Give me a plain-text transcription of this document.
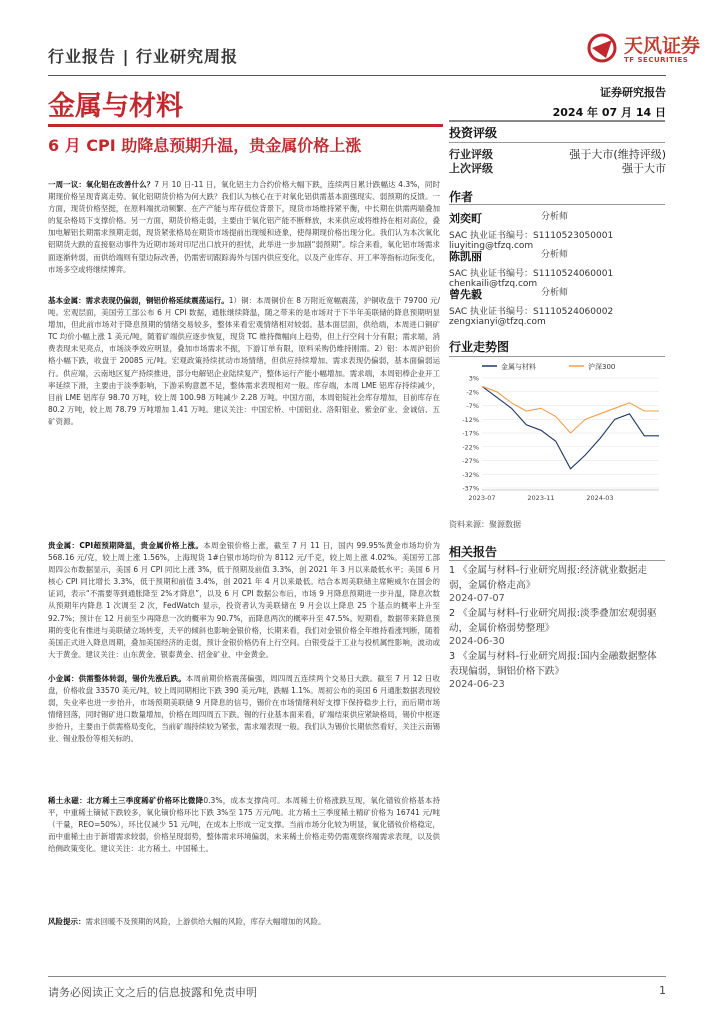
行业报告 | 行业研究周报	天风证券
TF SECURITIES
金属与材料	证券研究报告
2024 年 07 月 14 日
6 月 CPI 助降息预期升温，贵金属价格上涨
投资评级
行业评级	强于大市(维持评级)
上次评级	强于大市
作者
刘奕町	分析师
SAC 执业证书编号：S1110523050001
liuyiting@tfzq.com
陈凯丽	分析师
SAC 执业证书编号：S1110524060001
chenkaili@tfzq.com
曾先毅	分析师
SAC 执业证书编号：S1110524060002
zengxianyi@tfzq.com
行业走势图
3%
-2%
-7%
-12%
-17%
-22%
-27%
-32%
-37%
2023-07	2023-11	2024-03
金属与材料	沪深300
资料来源：聚源数据
相关报告
1 《金属与材料-行业研究周报:经济就业数据走弱，金属价格走高》
2024-07-07
2 《金属与材料-行业研究周报:淡季叠加宏观弱驱动，金属价格弱势整理》
2024-06-30
3 《金属与材料-行业研究周报:国内金融数据整体表现偏弱，铜铝价格下跌》
2024-06-23
一周一议：氧化铝在改善什么？7 月 10 日-11 日，氧化铝主力合约价格大幅下跌，连续两日累计跌幅达 4.3%，同时期现价格呈现背离走势。氧化铝期货价格为何大跌？我们认为核心在于对氧化铝供需基本面强现实、弱预期的反馈。一方面，现货价格坚挺，在原料端扰动频繁、在产产能与库存低位背景下，现货市场维持紧平衡，中长期在供需两端叠加的复杂格局下支撑价格。另一方面，期货价格走弱，主要由于氧化铝产能不断释放，未来供应或将维持在相对高位，叠加电解铝长期需求预期走弱，现货紧张格局在期货市场提前出现缓和迹象，使得期现价格出现分化。我们认为本次氧化铝期货大跌的直接驱动事件为近期市场对印尼出口放开的担忧，此举进一步加剧“弱预期”。综合来看，氧化铝市场需求面逐渐转弱，而供给端则有望边际改善，仍需密切跟踪海外与国内供应变化，以及产业库存、开工率等指标边际变化，市场多空或将继续博弈。
基本金属：需求表现仍偏弱，铜铝价格延续震荡运行。1）铜：本周铜价在 8 万附近宽幅震荡，沪铜收盘于 79700 元/吨。宏观层面，美国劳工部公布 6 月 CPI 数据，通胀继续降温，随之带来的是市场对于下半年美联储的降息预期明显增加，但此前市场对于降息预期的情绪交易较多，整体来看宏观情绪相对较弱。基本面层面，供给端，本周进口铜矿 TC 均价小幅上涨 1 美元/吨，随着矿端供应逐步恢复，现货 TC 维持微幅向上趋势，但上行空间十分有限；需求端，消费表现未见亮点，市场淡季效应明显，叠加市场需求不振，下游订单有限，原料采购仍维持刚需。2）铝：本周沪铝价格小幅下跌，收盘于 20085 元/吨。宏观政策持续扰动市场情绪，但供应持续增加、需求表现仍偏弱，基本面偏弱运行。供应端，云南地区复产持续推进，部分电解铝企业陆续复产，整体运行产能小幅增加。需求端，本周铝棒企业开工率延续下滑，主要由于淡季影响，下游采购意愿不足，整体需求表现相对一般。库存端，本周 LME 铝库存持续减少，目前 LME 铝库存 98.70 万吨，较上周 100.98 万吨减少 2.28 万吨。中国方面，本周铝锭社会库存增加，目前库存在 80.2 万吨，较上周 78.79 万吨增加 1.41 万吨。建议关注：中国宏桥、中国铝业、洛阳钼业、紫金矿业、金诚信、五矿资源。
贵金属：CPI超预期降温，贵金属价格上涨。本周金银价格上涨，截至 7 月 11 日，国内 99.95%黄金市场均价为 568.16 元/克，较上周上涨 1.56%，上海现货 1#白银市场均价为 8112 元/千克，较上周上涨 4.02%。美国劳工部周四公布数据显示，美国 6 月 CPI 同比上涨 3%，低于预期及前值 3.3%，创 2021 年 3 月以来最低水平；美国 6 月核心 CPI 同比增长 3.3%，低于预期和前值 3.4%，创 2021 年 4 月以来最低。结合本周美联储主席鲍威尔在国会的证词，表示“不需要等到通胀降至 2%才降息”，以及 6 月 CPI 数据公布后，市场 9 月降息预期进一步升温，降息次数从预期年内降息 1 次调至 2 次，FedWatch 显示，投资者认为美联储在 9 月会以上降息 25 个基点的概率上升至 92.7%；预计在 12 月前至少再降息一次的概率为 90.7%，而降息两次的概率升至 47.5%。短期看，数据带来降息预期的变化有推进与美联储立场转变，天平的倾斜也影响金银价格，长期来看，我们对金银价格全年维持看涨判断，随着美国正式进入降息周期，叠加美国经济的走弱，预计金银价格仍有上行空间。白银受益于工业与投机属性影响，波动或大于黄金。建议关注：山东黄金、银泰黄金、招金矿业、中金黄金。
小金属：供需整体转弱，锡价先涨后跌。本周前期价格震荡偏强，周四周五连续两个交易日大跌。截至 7 月 12 日收盘，价格收盘 33570 美元/吨，较上周同期相比下跌 390 美元/吨，跌幅 1.1%。周初公布的美国 6 月通胀数据表现较弱，失业率也进一步抬升，市场预期美联储 9 月降息的信号，锡价在市场情绪利好支撑下保持稳步上行，而后期市场情绪回落，同时锡矿进口数量增加，价格在周四周五下跌。锡的行业基本面来看，矿端结束供应紧缺格局，锡价中枢逐步抬升，主要由于供需格局变化，当前矿端持续较为紧张，需求端表现一般。我们认为锡价长期依然看好，关注云南锡业、锡业股份等相关标的。
稀土永磁：北方稀土三季度稀矿价格环比微降0.3%，成本支撑尚可。本周稀土价格涨跌互现，氧化镨钕价格基本持平，中重稀土镝铽下跌较多，氧化镝价格环比下跌 3%至 175 万元/吨。北方稀土三季度稀土精矿价格为 16741 元/吨（干量，REO=50%），环比仅减少 51 元/吨，在成本上形成一定支撑。当前市场分化较为明显，氧化镨钕价格稳定，而中重稀土由于新增需求较弱，价格呈现弱势，整体需求环境偏弱，未来稀土价格走势仍需观察终端需求表现，以及供给侧政策变化。建议关注：北方稀土、中国稀土。
风险提示：需求回暖不及预期的风险，上游供给大幅的风险，库存大幅增加的风险。
请务必阅读正文之后的信息披露和免责申明	1
